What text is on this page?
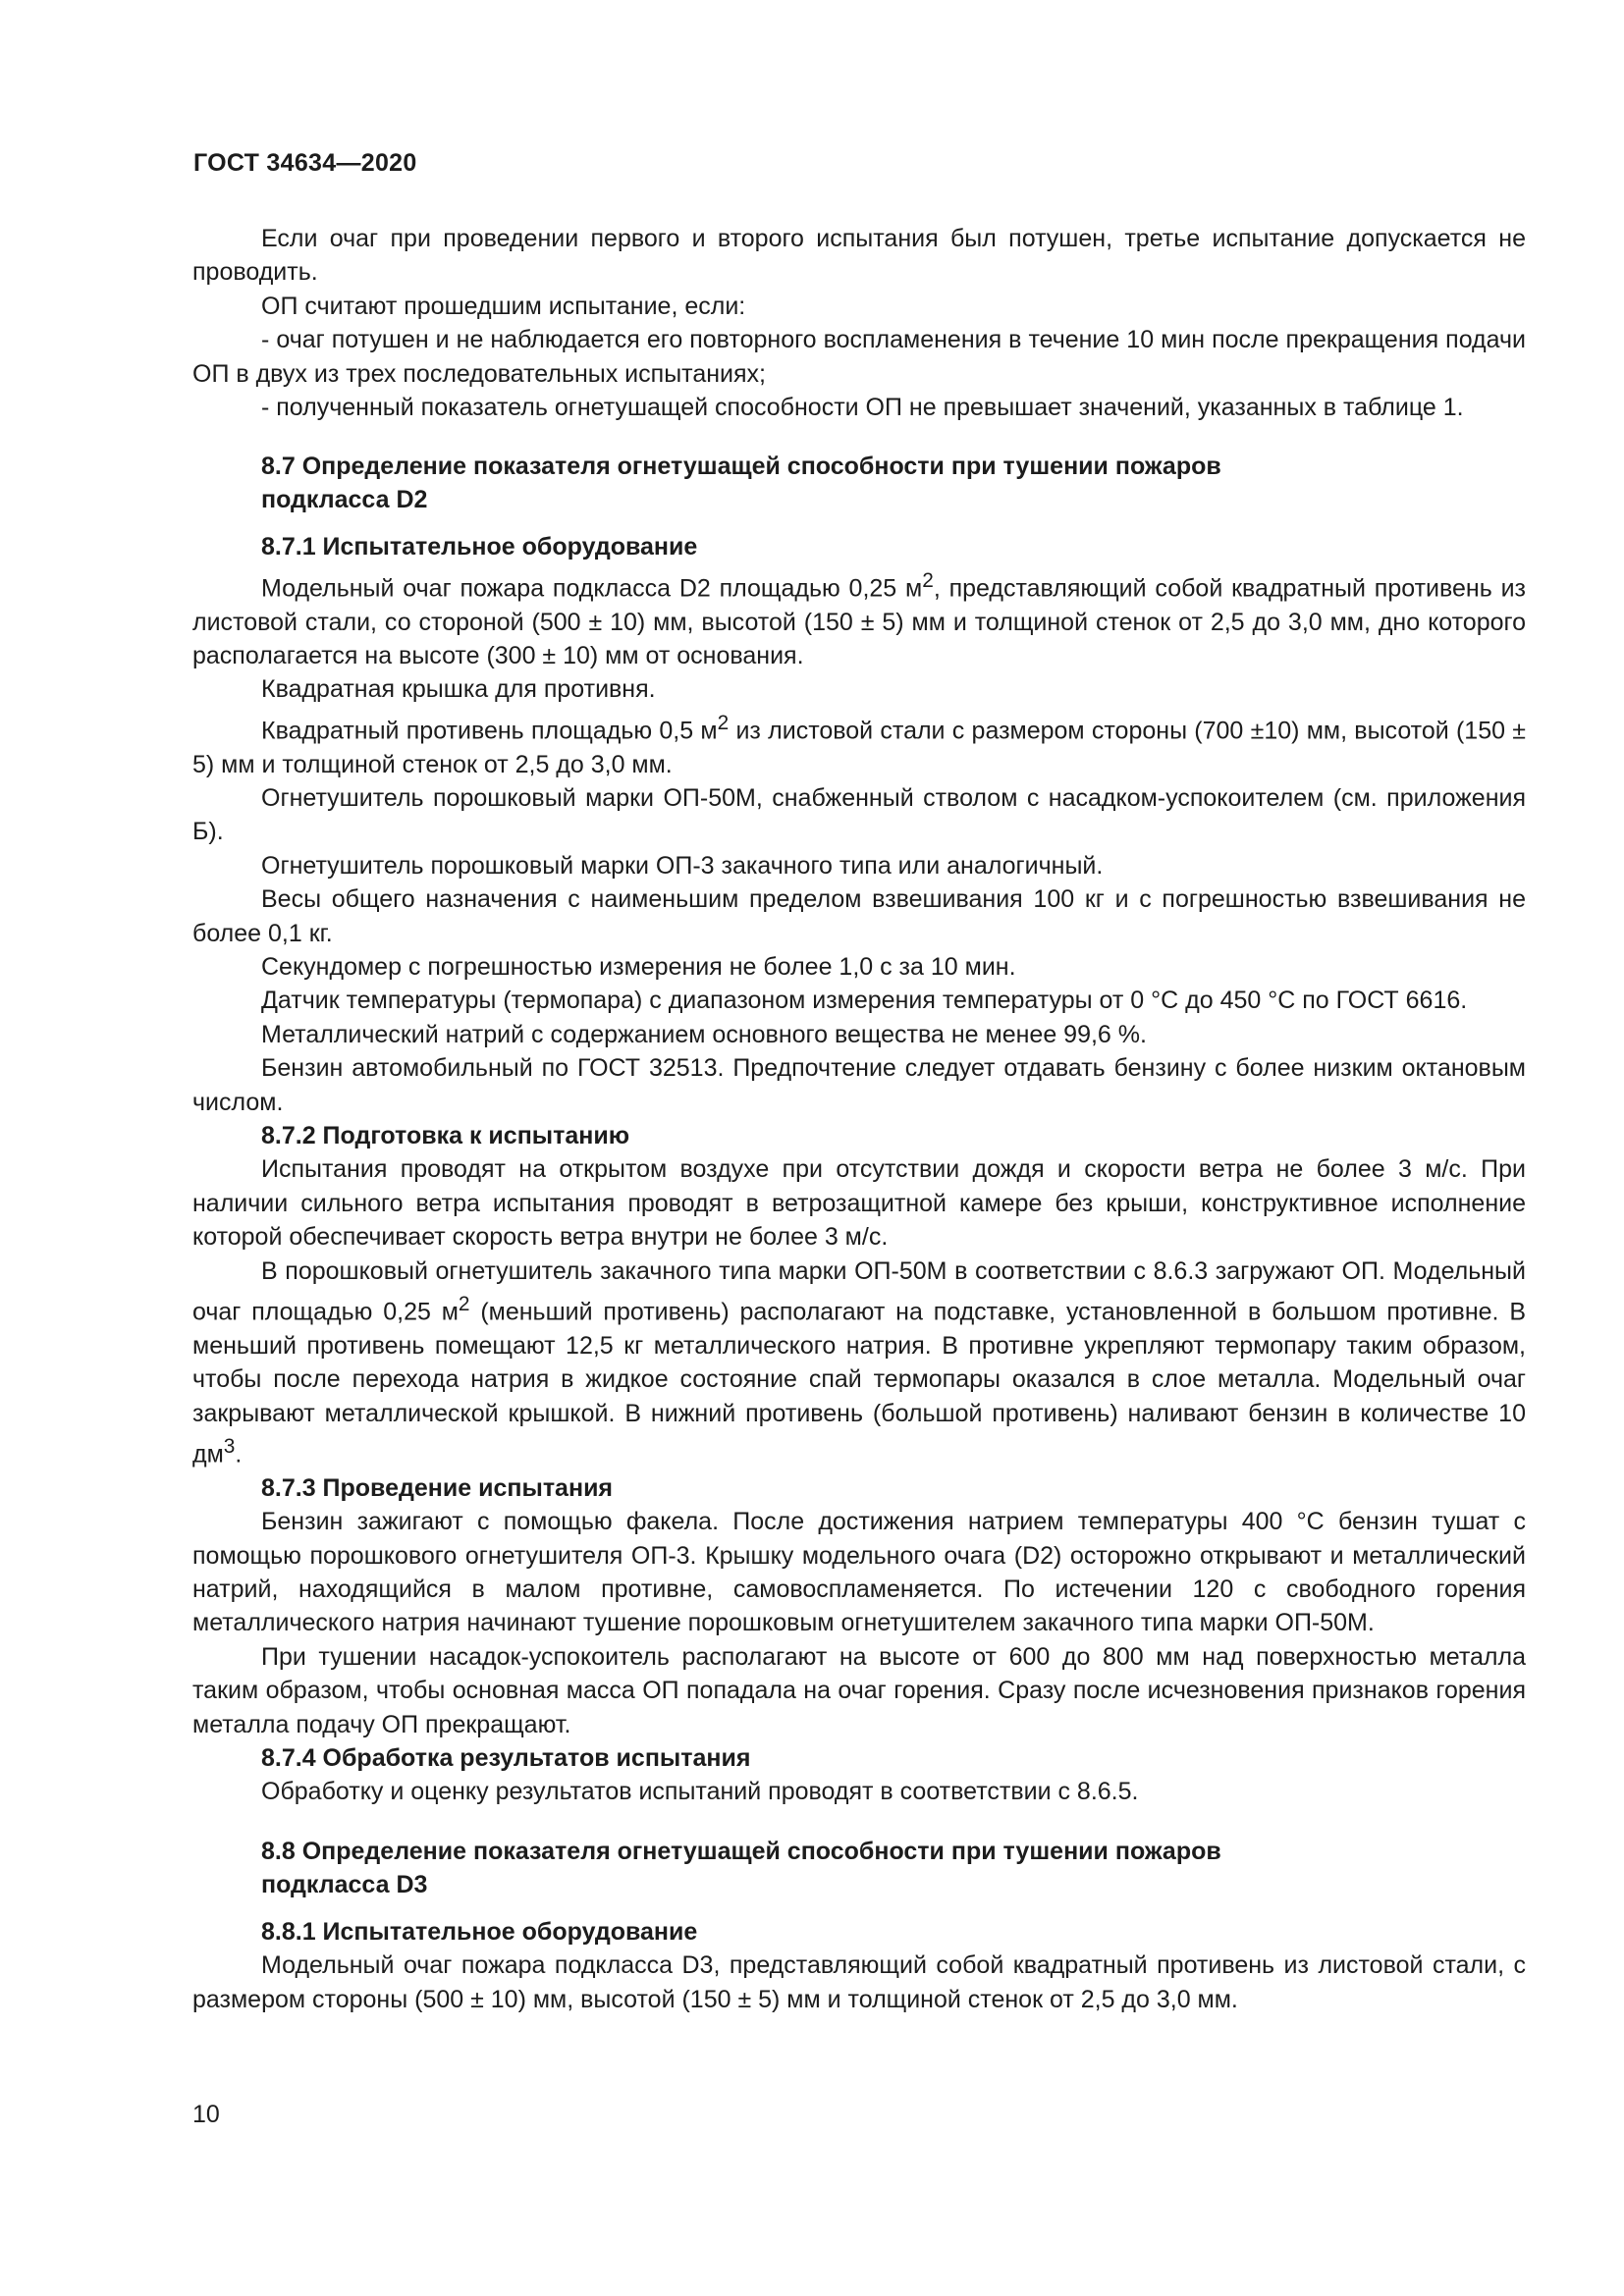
ГОСТ 34634—2020

Если очаг при проведении первого и второго испытания был потушен, третье испытание допускается не проводить.

ОП считают прошедшим испытание, если:

- очаг потушен и не наблюдается его повторного воспламенения в течение 10 мин после прекращения подачи ОП в двух из трех последовательных испытаниях;

- полученный показатель огнетушащей способности ОП не превышает значений, указанных в таблице 1.

8.7 Определение показателя огнетушащей способности при тушении пожаров подкласса D2

8.7.1 Испытательное оборудование

Модельный очаг пожара подкласса D2 площадью 0,25 $м^2$, представляющий собой квадратный противень из листовой стали, со стороной (500 ± 10) мм, высотой (150 ± 5) мм и толщиной стенок от 2,5 до 3,0 мм, дно которого располагается на высоте (300 ± 10) мм от основания.

Квадратная крышка для противня.

Квадратный противень площадью 0,5 $м^2$ из листовой стали с размером стороны (700 ±10) мм, высотой (150 ± 5) мм и толщиной стенок от 2,5 до 3,0 мм.

Огнетушитель порошковый марки ОП-50М, снабженный стволом с насадком-успокоителем (см. приложения Б).

Огнетушитель порошковый марки ОП-3 закачного типа или аналогичный.

Весы общего назначения с наименьшим пределом взвешивания 100 кг и с погрешностью взвешивания не более 0,1 кг.

Секундомер с погрешностью измерения не более 1,0 с за 10 мин.

Датчик температуры (термопара) с диапазоном измерения температуры от 0 °С до 450 °С по ГОСТ 6616.

Металлический натрий с содержанием основного вещества не менее 99,6 %.

Бензин автомобильный по ГОСТ 32513. Предпочтение следует отдавать бензину с более низким октановым числом.

8.7.2 Подготовка к испытанию

Испытания проводят на открытом воздухе при отсутствии дождя и скорости ветра не более 3 м/с. При наличии сильного ветра испытания проводят в ветрозащитной камере без крыши, конструктивное исполнение которой обеспечивает скорость ветра внутри не более 3 м/с.

В порошковый огнетушитель закачного типа марки ОП-50М в соответствии с 8.6.3 загружают ОП. Модельный очаг площадью 0,25 $м^2$ (меньший противень) располагают на подставке, установленной в большом противне. В меньший противень помещают 12,5 кг металлического натрия. В противне укрепляют термопару таким образом, чтобы после перехода натрия в жидкое состояние спай термопары оказался в слое металла. Модельный очаг закрывают металлической крышкой. В нижний противень (большой противень) наливают бензин в количестве 10 $дм^3$.

8.7.3 Проведение испытания

Бензин зажигают с помощью факела. После достижения натрием температуры 400 °С бензин тушат с помощью порошкового огнетушителя ОП-3. Крышку модельного очага (D2) осторожно открывают и металлический натрий, находящийся в малом противне, самовоспламеняется. По истечении 120 с свободного горения металлического натрия начинают тушение порошковым огнетушителем закачного типа марки ОП-50М.

При тушении насадок-успокоитель располагают на высоте от 600 до 800 мм над поверхностью металла таким образом, чтобы основная масса ОП попадала на очаг горения. Сразу после исчезновения признаков горения металла подачу ОП прекращают.

8.7.4 Обработка результатов испытания

Обработку и оценку результатов испытаний проводят в соответствии с 8.6.5.

8.8 Определение показателя огнетушащей способности при тушении пожаров подкласса D3

8.8.1 Испытательное оборудование

Модельный очаг пожара подкласса D3, представляющий собой квадратный противень из листовой стали, с размером стороны (500 ± 10) мм, высотой (150 ± 5) мм и толщиной стенок от 2,5 до 3,0 мм.

10
